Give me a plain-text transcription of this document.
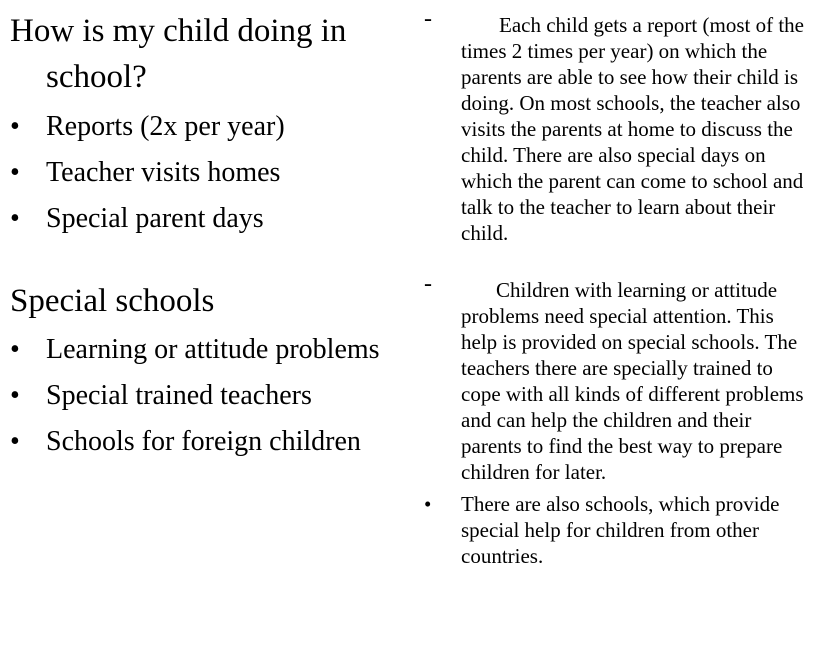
How is my child doing in school?
• Reports (2x per year)
• Teacher visits homes
• Special parent days
Special schools
• Learning or attitude problems
• Special trained teachers
• Schools for foreign children
-	Each child gets a report (most of the times 2 times per year) on which the parents are able to see how their child is doing. On most schools, the teacher also visits the parents at home to discuss the child. There are also special days on which the parent can come to school and talk to the teacher to learn about their child.
-	Children with learning or attitude problems need special attention. This help is provided on special schools. The teachers there are specially trained to cope with all kinds of different problems and can help the children and their parents to find the best way to prepare children for later.
• There are also schools, which provide special help for children from other countries.
